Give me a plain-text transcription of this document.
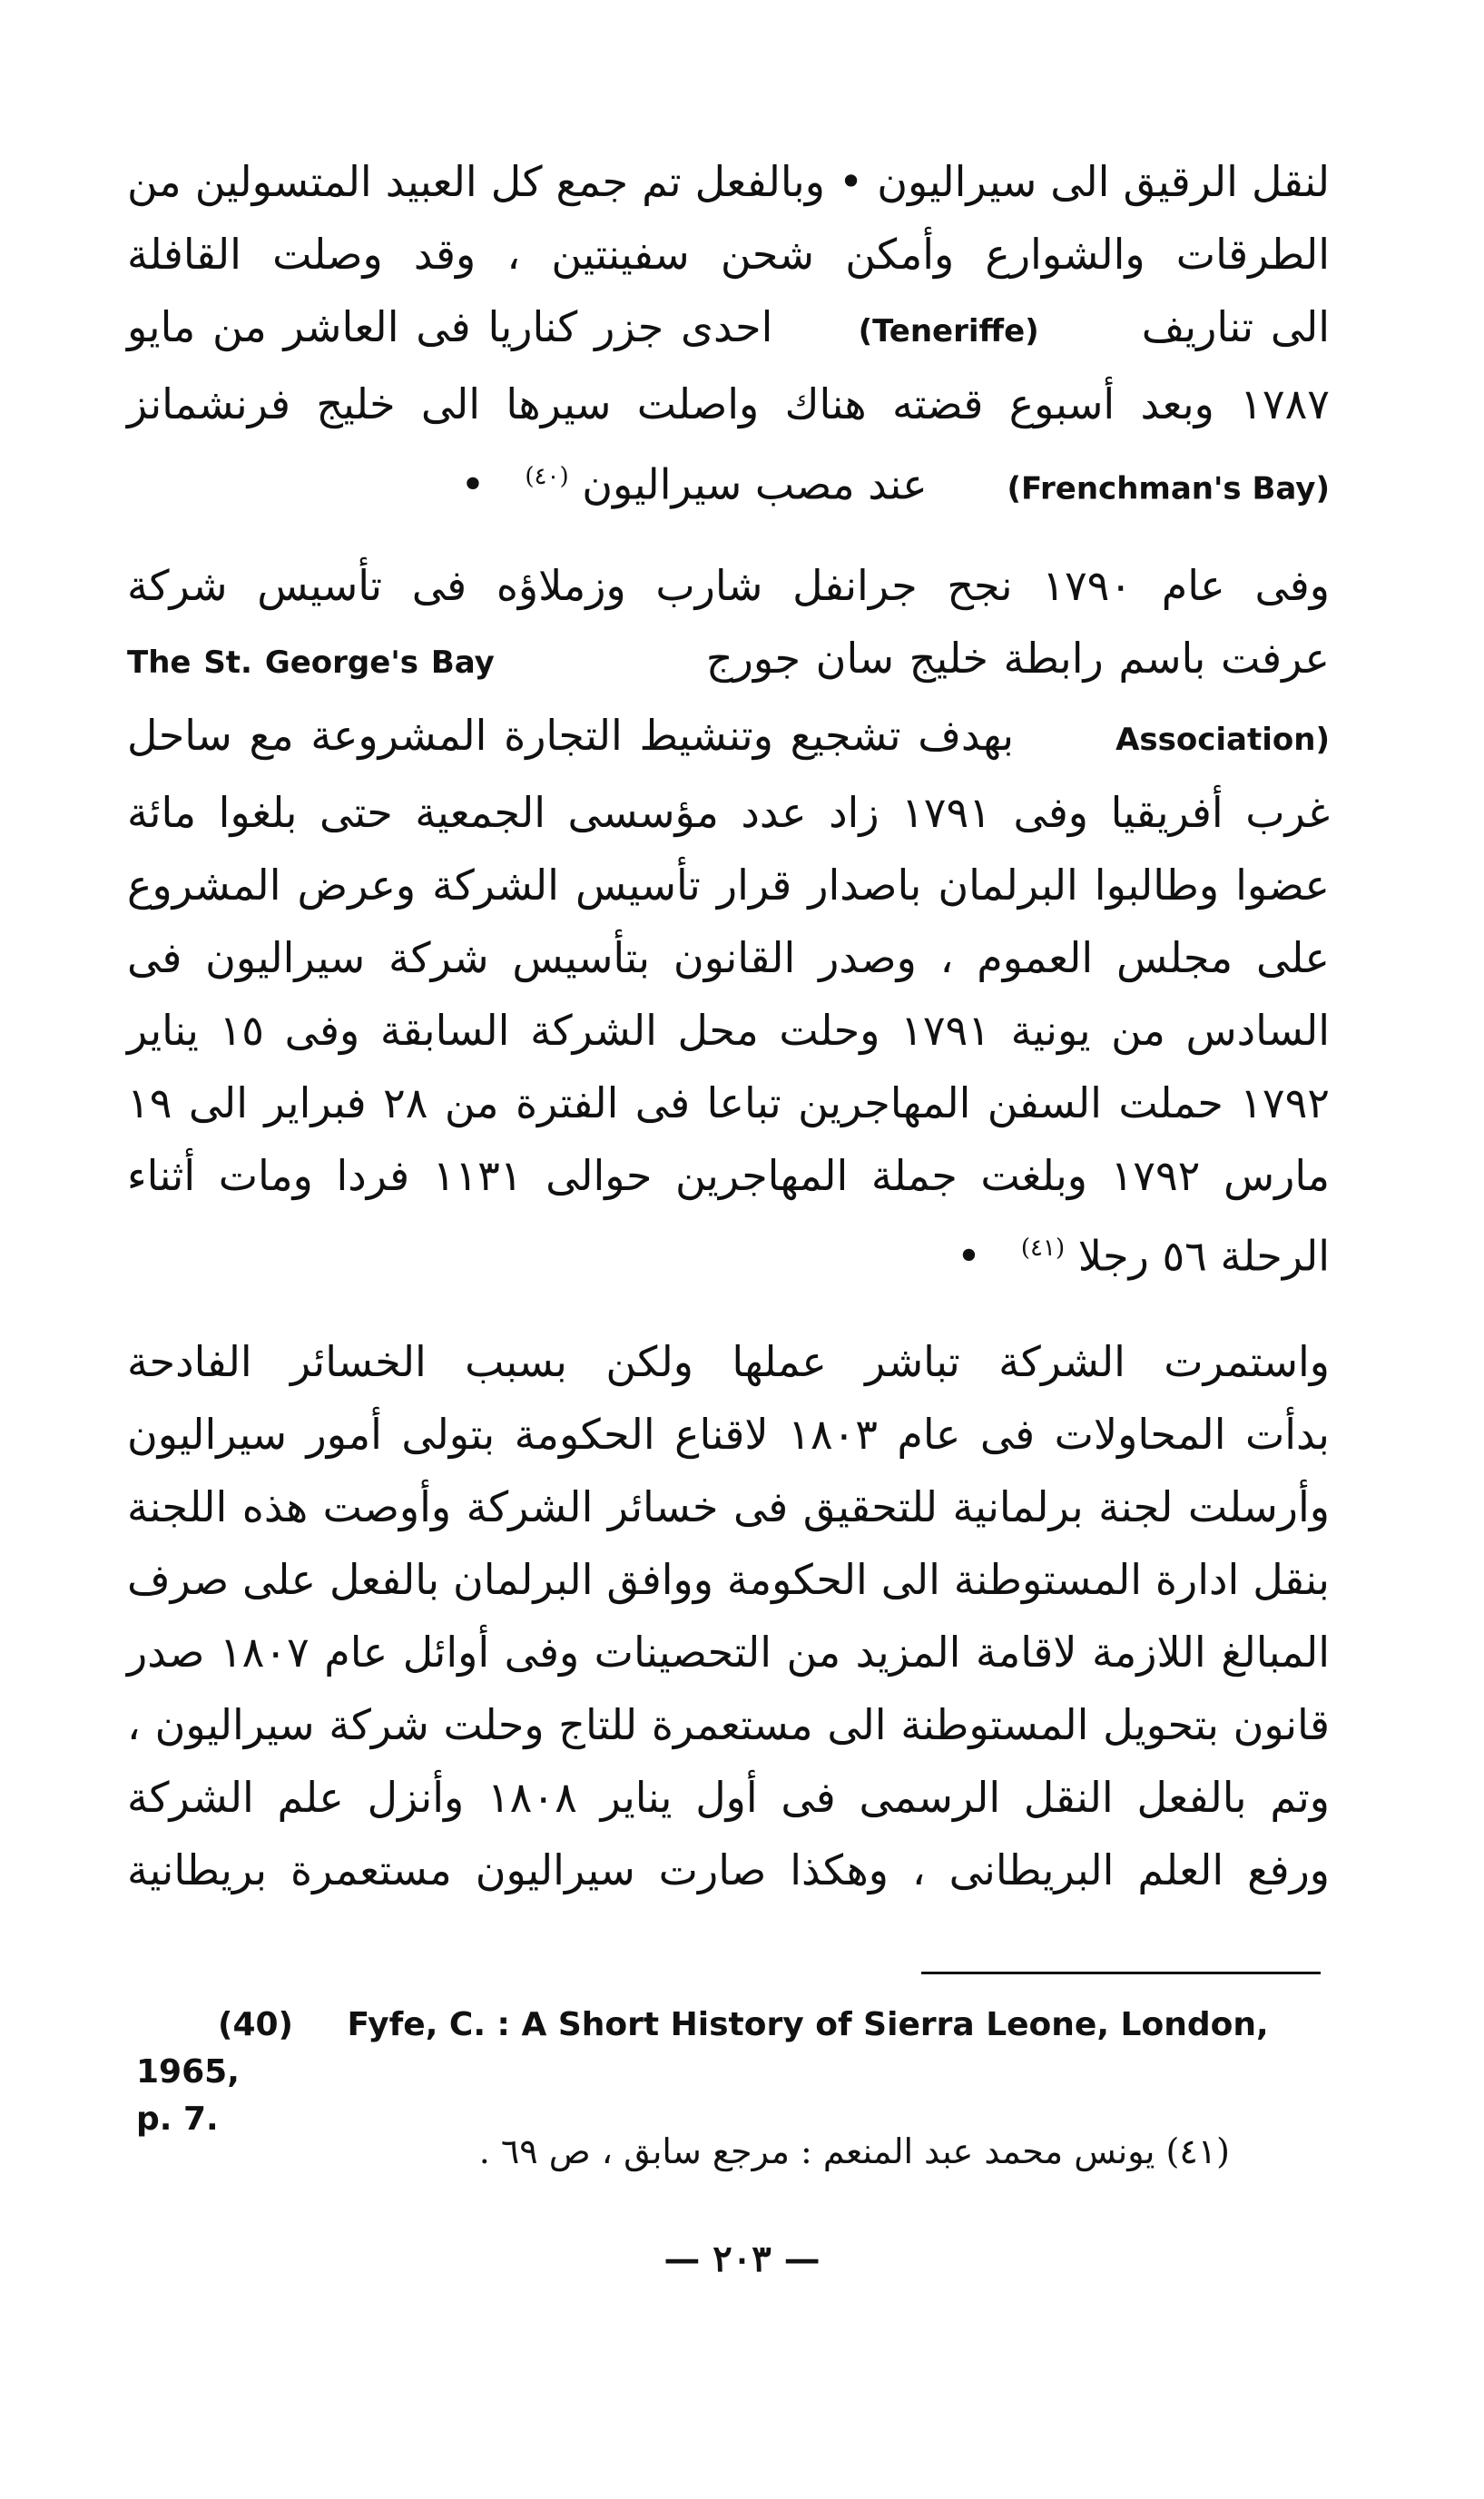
لنقل الرقيق الى سيراليون • وبالفعل تم جمع كل العبيد المتسولين من
الطرقات والشوارع وأمكن شحن سفينتين ، وقد وصلت القافلة
الى تناريف      (Teneriffe)     احدى جزر كناريا فى العاشر من مايو
١٧٨٧ وبعد أسبوع قضته هناك واصلت سيرها الى خليج فرنشمانز
(Frenchman's Bay)      عند مصب سيراليون $^{(٤٠)}$   •
وفى عام ١٧٩٠ نجح جرانفل شارب وزملاؤه فى تأسيس شركة
عرفت باسم رابطة خليج سان جورج              The St. George's Bay
Association)      بهدف تشجيع وتنشيط التجارة المشروعة مع ساحل
غرب أفريقيا وفى ١٧٩١ زاد عدد مؤسسى الجمعية حتى بلغوا مائة
عضوا وطالبوا البرلمان باصدار قرار تأسيس الشركة وعرض المشروع
على مجلس العموم ، وصدر القانون بتأسيس شركة سيراليون فى
السادس من يونية ١٧٩١ وحلت محل الشركة السابقة وفى ١٥ يناير
١٧٩٢ حملت السفن المهاجرين تباعا فى الفترة من ٢٨ فبراير الى ١٩
مارس ١٧٩٢ وبلغت جملة المهاجرين حوالى ١١٣١ فردا ومات أثناء
الرحلة ٥٦ رجلا $^{(٤١)}$   •
واستمرت الشركة تباشر عملها ولكن بسبب الخسائر الفادحة
بدأت المحاولات فى عام ١٨٠٣ لاقناع الحكومة بتولى أمور سيراليون
وأرسلت لجنة برلمانية للتحقيق فى خسائر الشركة وأوصت هذه اللجنة
بنقل ادارة المستوطنة الى الحكومة ووافق البرلمان بالفعل على صرف
المبالغ اللازمة لاقامة المزيد من التحصينات وفى أوائل عام ١٨٠٧ صدر
قانون بتحويل المستوطنة الى مستعمرة للتاج وحلت شركة سيراليون ،
وتم بالفعل النقل الرسمى فى أول يناير ١٨٠٨ وأنزل علم الشركة
ورفع العلم البريطانى ، وهكذا صارت سيراليون مستعمرة بريطانية
(40) Fyfe, C. : A Short History of Sierra Leone, London, 1965,
p. 7.
(٤١) يونس محمد عبد المنعم : مرجع سابق ، ص ٦٩ .
— ٢٠٣ —
